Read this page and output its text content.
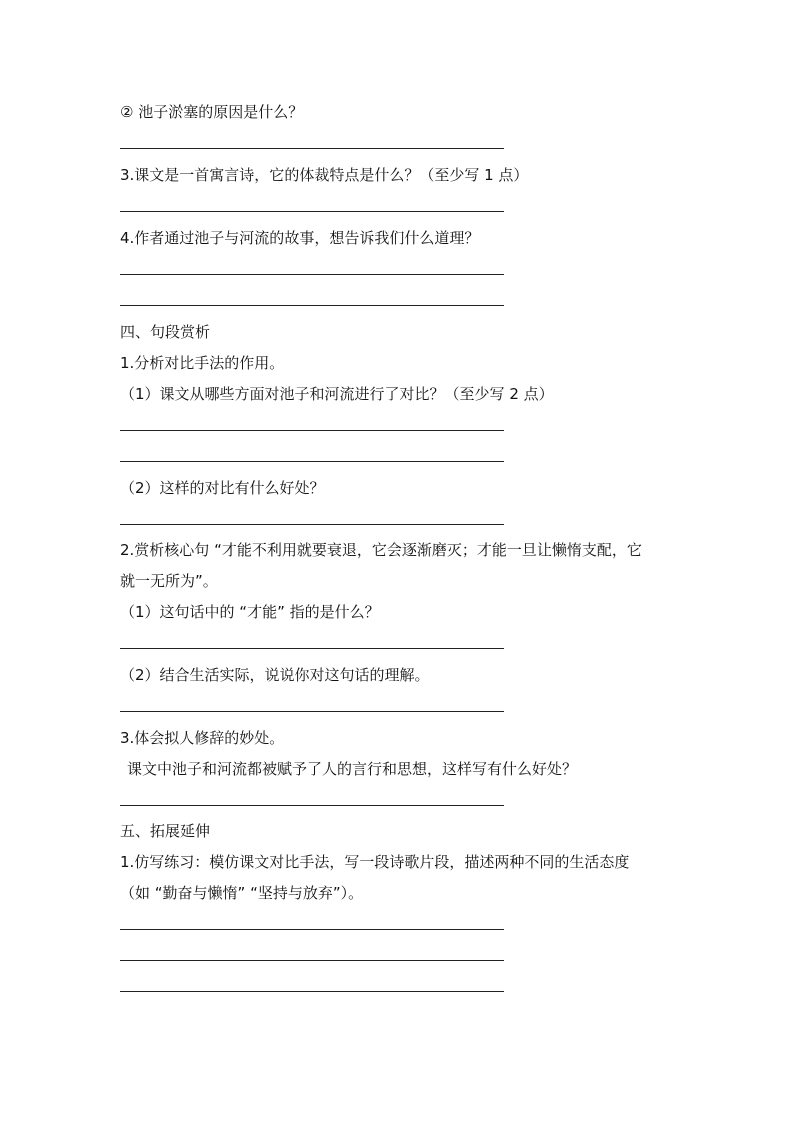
② 池子淤塞的原因是什么？
3.课文是一首寓言诗，它的体裁特点是什么？（至少写 1 点）
4.作者通过池子与河流的故事，想告诉我们什么道理？
四、句段赏析
1.分析对比手法的作用。
（1）课文从哪些方面对池子和河流进行了对比？（至少写 2 点）
（2）这样的对比有什么好处？
2.赏析核心句 “才能不利用就要衰退，它会逐渐磨灭；才能一旦让懒惰支配，它
就一无所为”。
（1）这句话中的 “才能” 指的是什么？
（2）结合生活实际，说说你对这句话的理解。
3.体会拟人修辞的妙处。
课文中池子和河流都被赋予了人的言行和思想，这样写有什么好处？
五、拓展延伸
1.仿写练习：模仿课文对比手法，写一段诗歌片段，描述两种不同的生活态度
（如 “勤奋与懒惰” “坚持与放弃”）。
